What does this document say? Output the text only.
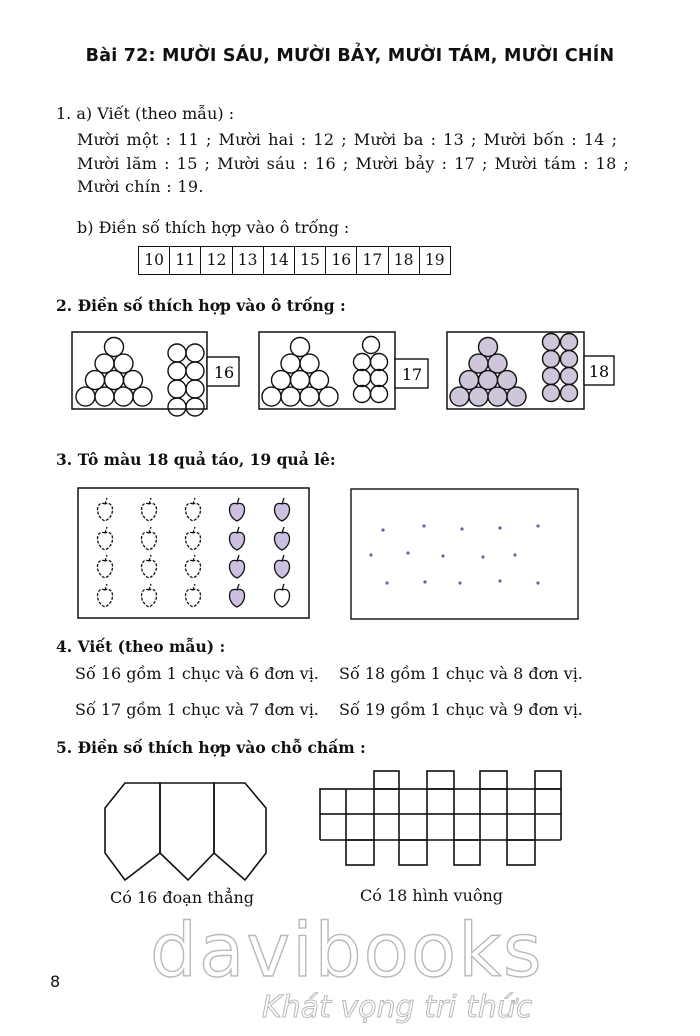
Bài 72: MƯỜI SÁU, MƯỜI BẢY, MƯỜI TÁM, MƯỜI CHÍN
1. a) Viết (theo mẫu) :
Mười một : 11 ; Mười hai : 12 ; Mười ba : 13 ; Mười bốn : 14 ;
Mười lăm : 15 ; Mười sáu : 16 ; Mười bảy : 17 ; Mười tám : 18 ;
Mười chín : 19.
b) Điền số thích hợp vào ô trống :
10 11 12 13 14 15 16 17 18 19
2. Điền số thích hợp vào ô trống :
16	17	18
3. Tô màu 18 quả táo, 19 quả lê:
4. Viết (theo mẫu) :
Số 16 gồm 1 chục và 6 đơn vị. Số 18 gồm 1 chục và 8 đơn vị.
Số 17 gồm 1 chục và 7 đơn vị. Số 19 gồm 1 chục và 9 đơn vị.
5. Điền số thích hợp vào chỗ chấm :
Có 16 đoạn thẳng	Có 18 hình vuông
davibooks
Khát vọng tri thức
8
